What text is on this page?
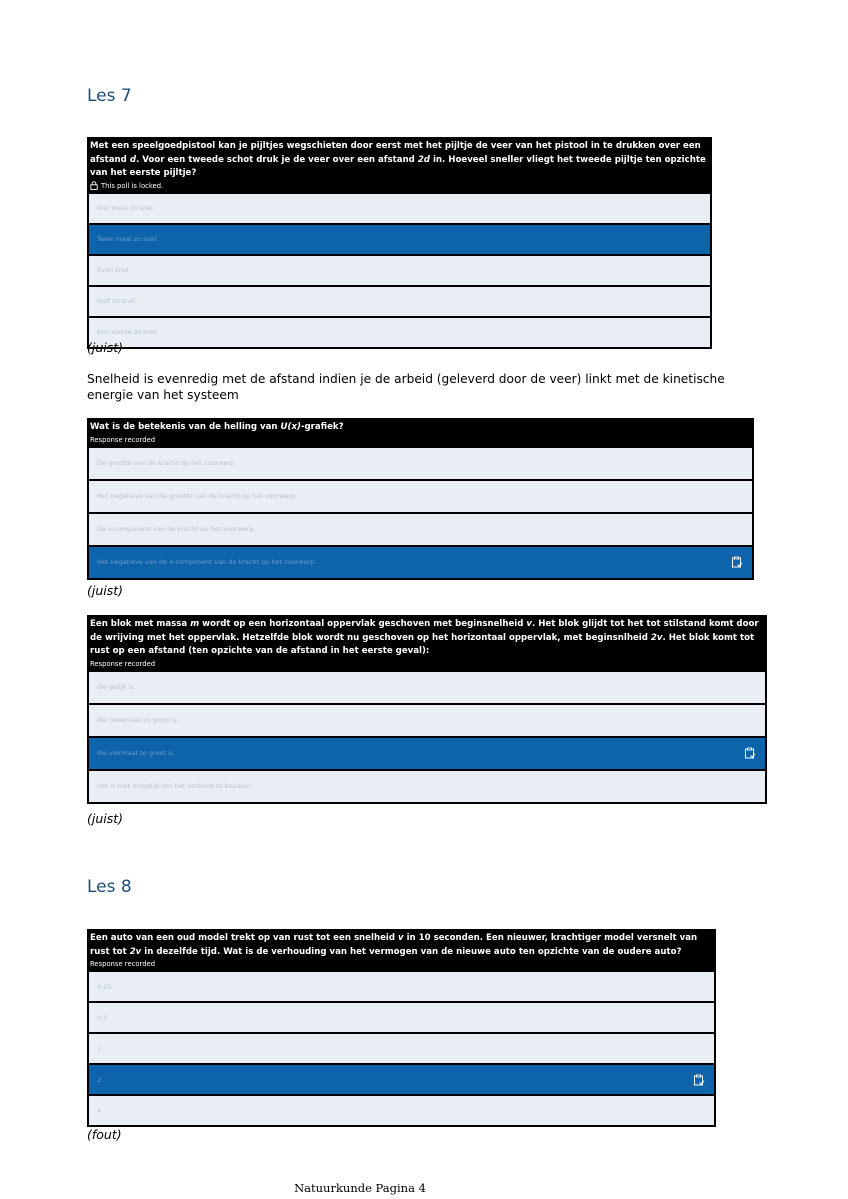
Les 7
Met een speelgoedpistool kan je pijltjes wegschieten door eerst met het pijltje de veer van het pistool in te drukken over een afstand d. Voor een tweede schot druk je de veer over een afstand 2d in. Hoeveel sneller vliegt het tweede pijltje ten opzichte van het eerste pijltje?
This poll is locked.
Vier maal zo snel.
Twee maal zo snel.
Even snel.
Half zo snel.
Een vierde zo snel.
(juist)

Snelheid is evenredig met de afstand indien je de arbeid (geleverd door de veer) linkt met de kinetische energie van het systeem

Wat is de betekenis van de helling van U(x)-grafiek?
Response recorded
De grootte van de kracht op het voorwerp.
Het negatieve van de grootte van de kracht op het voorwerp.
De x-component van de kracht op het voorwerp.
Het negatieve van de x-component van de kracht op het voorwerp.
(juist)
Een blok met massa m wordt op een horizontaal oppervlak geschoven met beginsnelheid v. Het blok glijdt tot het tot stilstand komt door de wrijving met het oppervlak. Hetzelfde blok wordt nu geschoven op het horizontaal oppervlak, met beginsnlheid 2v. Het blok komt tot rust op een afstand (ten opzichte van de afstand in het eerste geval):
Response recorded
die gelijk is.
die tweemaal zo groot is.
die viermaal zo groot is.
Het is niet mogelijk om het verband te bepalen.
(juist)
Les 8
Een auto van een oud model trekt op van rust tot een snelheid v in 10 seconden. Een nieuwer, krachtiger model versnelt van rust tot 2v in dezelfde tijd. Wat is de verhouding van het vermogen van de nieuwe auto ten opzichte van de oudere auto?
Response recorded
0.25
0.5
1
2
4
(fout)
Natuurkunde Pagina 4
